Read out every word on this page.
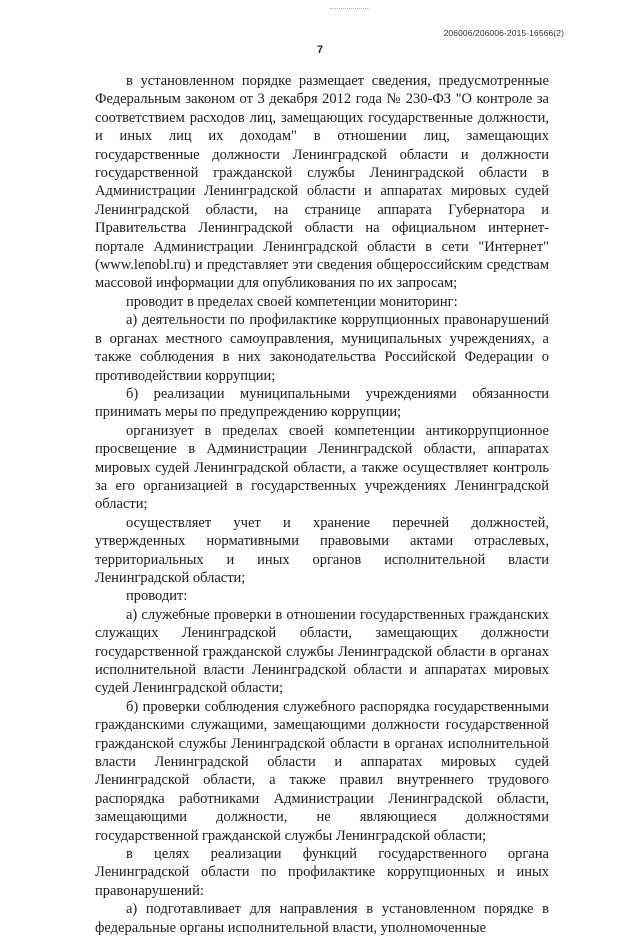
206006/206006-2015-16566(2)
7

в установленном порядке размещает сведения, предусмотренные Федеральным законом от 3 декабря 2012 года № 230-ФЗ "О контроле за соответствием расходов лиц, замещающих государственные должности, и иных лиц их доходам" в отношении лиц, замещающих государственные должности Ленинградской области и должности государственной гражданской службы Ленинградской области в Администрации Ленинградской области и аппаратах мировых судей Ленинградской области, на странице аппарата Губернатора и Правительства Ленинградской области на официальном интернет-портале Администрации Ленинградской области в сети "Интернет" (www.lenobl.ru) и представляет эти сведения общероссийским средствам массовой информации для опубликования по их запросам;

проводит в пределах своей компетенции мониторинг:

а) деятельности по профилактике коррупционных правонарушений в органах местного самоуправления, муниципальных учреждениях, а также соблюдения в них законодательства Российской Федерации о противодействии коррупции;

б) реализации муниципальными учреждениями обязанности принимать меры по предупреждению коррупции;

организует в пределах своей компетенции антикоррупционное просвещение в Администрации Ленинградской области, аппаратах мировых судей Ленинградской области, а также осуществляет контроль за его организацией в государственных учреждениях Ленинградской области;

осуществляет учет и хранение перечней должностей, утвержденных нормативными правовыми актами отраслевых, территориальных и иных органов исполнительной власти Ленинградской области;

проводит:

а) служебные проверки в отношении государственных гражданских служащих Ленинградской области, замещающих должности государственной гражданской службы Ленинградской области в органах исполнительной власти Ленинградской области и аппаратах мировых судей Ленинградской области;

б) проверки соблюдения служебного распорядка государственными гражданскими служащими, замещающими должности государственной гражданской службы Ленинградской области в органах исполнительной власти Ленинградской области и аппаратах мировых судей Ленинградской области, а также правил внутреннего трудового распорядка работниками Администрации Ленинградской области, замещающими должности, не являющиеся должностями государственной гражданской службы Ленинградской области;

в целях реализации функций государственного органа Ленинградской области по профилактике коррупционных и иных правонарушений:

а) подготавливает для направления в установленном порядке в федеральные органы исполнительной власти, уполномоченные
